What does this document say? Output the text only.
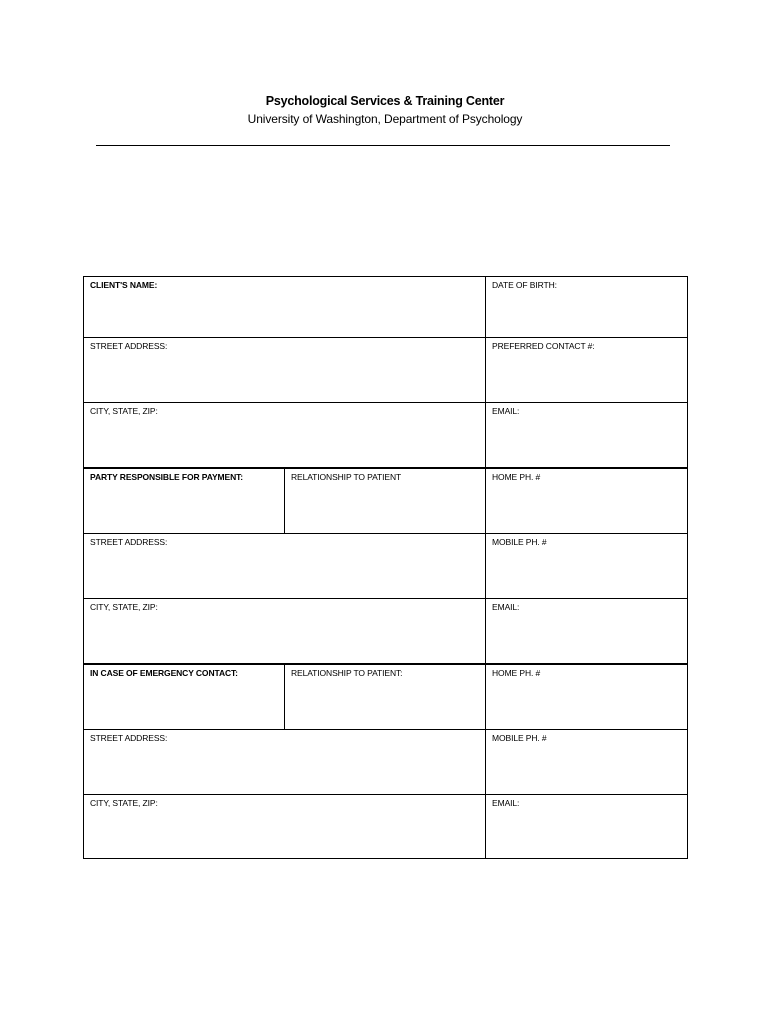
Psychological Services & Training Center
University of Washington, Department of Psychology
CLIENT'S NAME:		DATE OF BIRTH:
STREET ADDRESS:		PREFERRED CONTACT #:
CITY, STATE, ZIP:		EMAIL:
PARTY RESPONSIBLE FOR PAYMENT:	RELATIONSHIP TO PATIENT	HOME PH. #
STREET ADDRESS:		MOBILE PH. #
CITY, STATE, ZIP:		EMAIL:
IN CASE OF EMERGENCY CONTACT:	RELATIONSHIP TO PATIENT:	HOME PH. #
STREET ADDRESS:		MOBILE PH. #
CITY, STATE, ZIP:		EMAIL:
